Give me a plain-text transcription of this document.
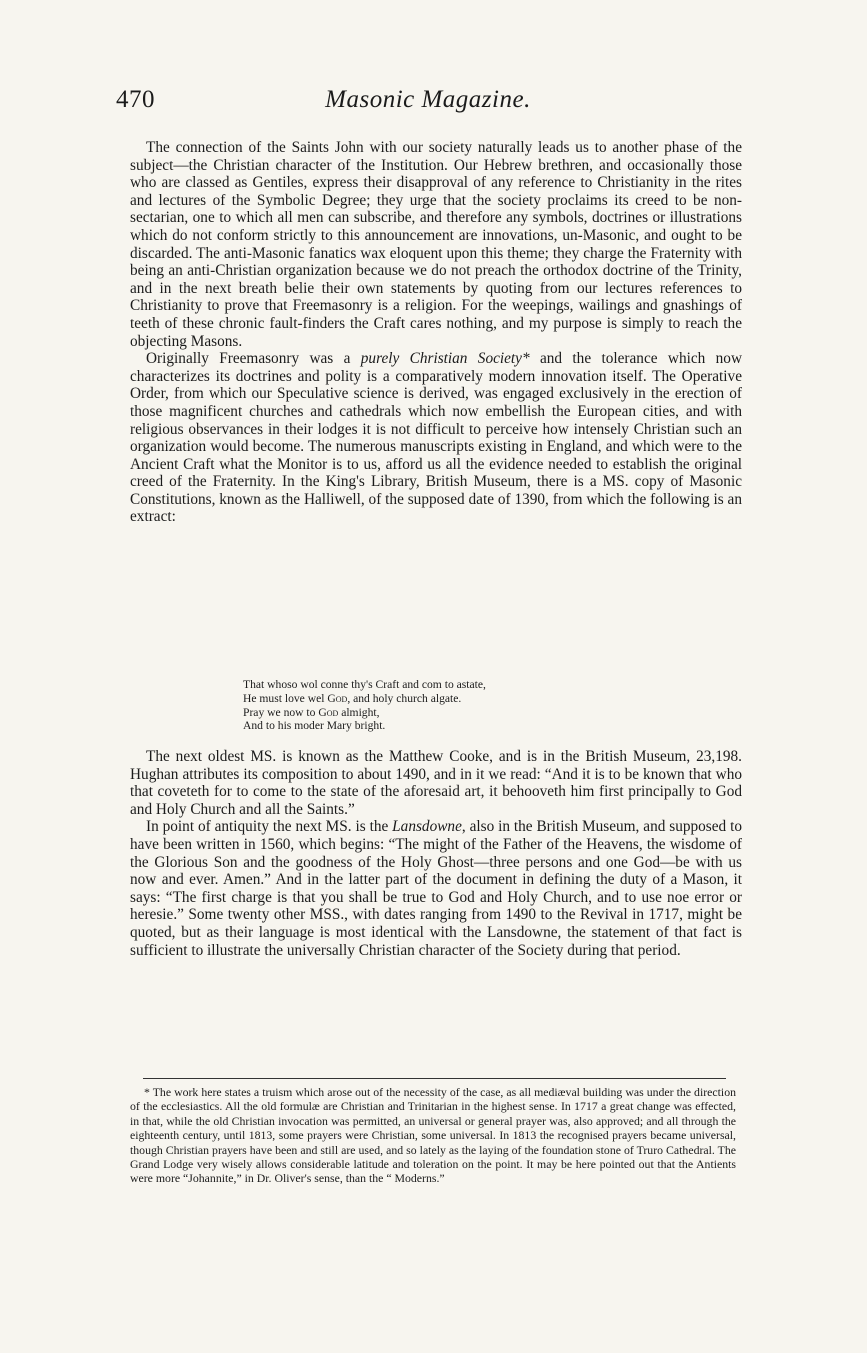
470	Masonic Magazine.

The connection of the Saints John with our society naturally leads us to another phase of the subject—the Christian character of the Institution. Our Hebrew brethren, and occasionally those who are classed as Gentiles, express their disapproval of any reference to Christianity in the rites and lectures of the Symbolic Degree; they urge that the society proclaims its creed to be non-sectarian, one to which all men can subscribe, and therefore any symbols, doctrines or illustrations which do not conform strictly to this announcement are innovations, un-Masonic, and ought to be discarded. The anti-Masonic fanatics wax eloquent upon this theme; they charge the Fraternity with being an anti-Christian organization because we do not preach the orthodox doctrine of the Trinity, and in the next breath belie their own statements by quoting from our lectures references to Christianity to prove that Freemasonry is a religion. For the weepings, wailings and gnashings of teeth of these chronic fault-finders the Craft cares nothing, and my purpose is simply to reach the objecting Masons.

Originally Freemasonry was a purely Christian Society* and the tolerance which now characterizes its doctrines and polity is a comparatively modern innovation itself. The Operative Order, from which our Speculative science is derived, was engaged exclusively in the erection of those magnificent churches and cathedrals which now embellish the European cities, and with religious observances in their lodges it is not difficult to perceive how intensely Christian such an organization would become. The numerous manuscripts existing in England, and which were to the Ancient Craft what the Monitor is to us, afford us all the evidence needed to establish the original creed of the Fraternity. In the King's Library, British Museum, there is a MS. copy of Masonic Constitutions, known as the Halliwell, of the supposed date of 1390, from which the following is an extract:

That whoso wol conne thy's Craft and com to astate,
He must love wel God, and holy church algate.
Pray we now to God almight,
And to his moder Mary bright.

The next oldest MS. is known as the Matthew Cooke, and is in the British Museum, 23,198. Hughan attributes its composition to about 1490, and in it we read: “And it is to be known that who that coveteth for to come to the state of the aforesaid art, it behooveth him first principally to God and Holy Church and all the Saints.”

In point of antiquity the next MS. is the Lansdowne, also in the British Museum, and supposed to have been written in 1560, which begins: “The might of the Father of the Heavens, the wisdome of the Glorious Son and the goodness of the Holy Ghost—three persons and one God—be with us now and ever. Amen.” And in the latter part of the document in defining the duty of a Mason, it says: “The first charge is that you shall be true to God and Holy Church, and to use noe error or heresie.” Some twenty other MSS., with dates ranging from 1490 to the Revival in 1717, might be quoted, but as their language is most identical with the Lansdowne, the statement of that fact is sufficient to illustrate the universally Christian character of the Society during that period.

* The work here states a truism which arose out of the necessity of the case, as all mediæval building was under the direction of the ecclesiastics. All the old formulæ are Christian and Trinitarian in the highest sense. In 1717 a great change was effected, in that, while the old Christian invocation was permitted, an universal or general prayer was, also approved; and all through the eighteenth century, until 1813, some prayers were Christian, some universal. In 1813 the recognised prayers became universal, though Christian prayers have been and still are used, and so lately as the laying of the foundation stone of Truro Cathedral. The Grand Lodge very wisely allows considerable latitude and toleration on the point. It may be here pointed out that the Antients were more “Johannite,” in Dr. Oliver's sense, than the “ Moderns.”
